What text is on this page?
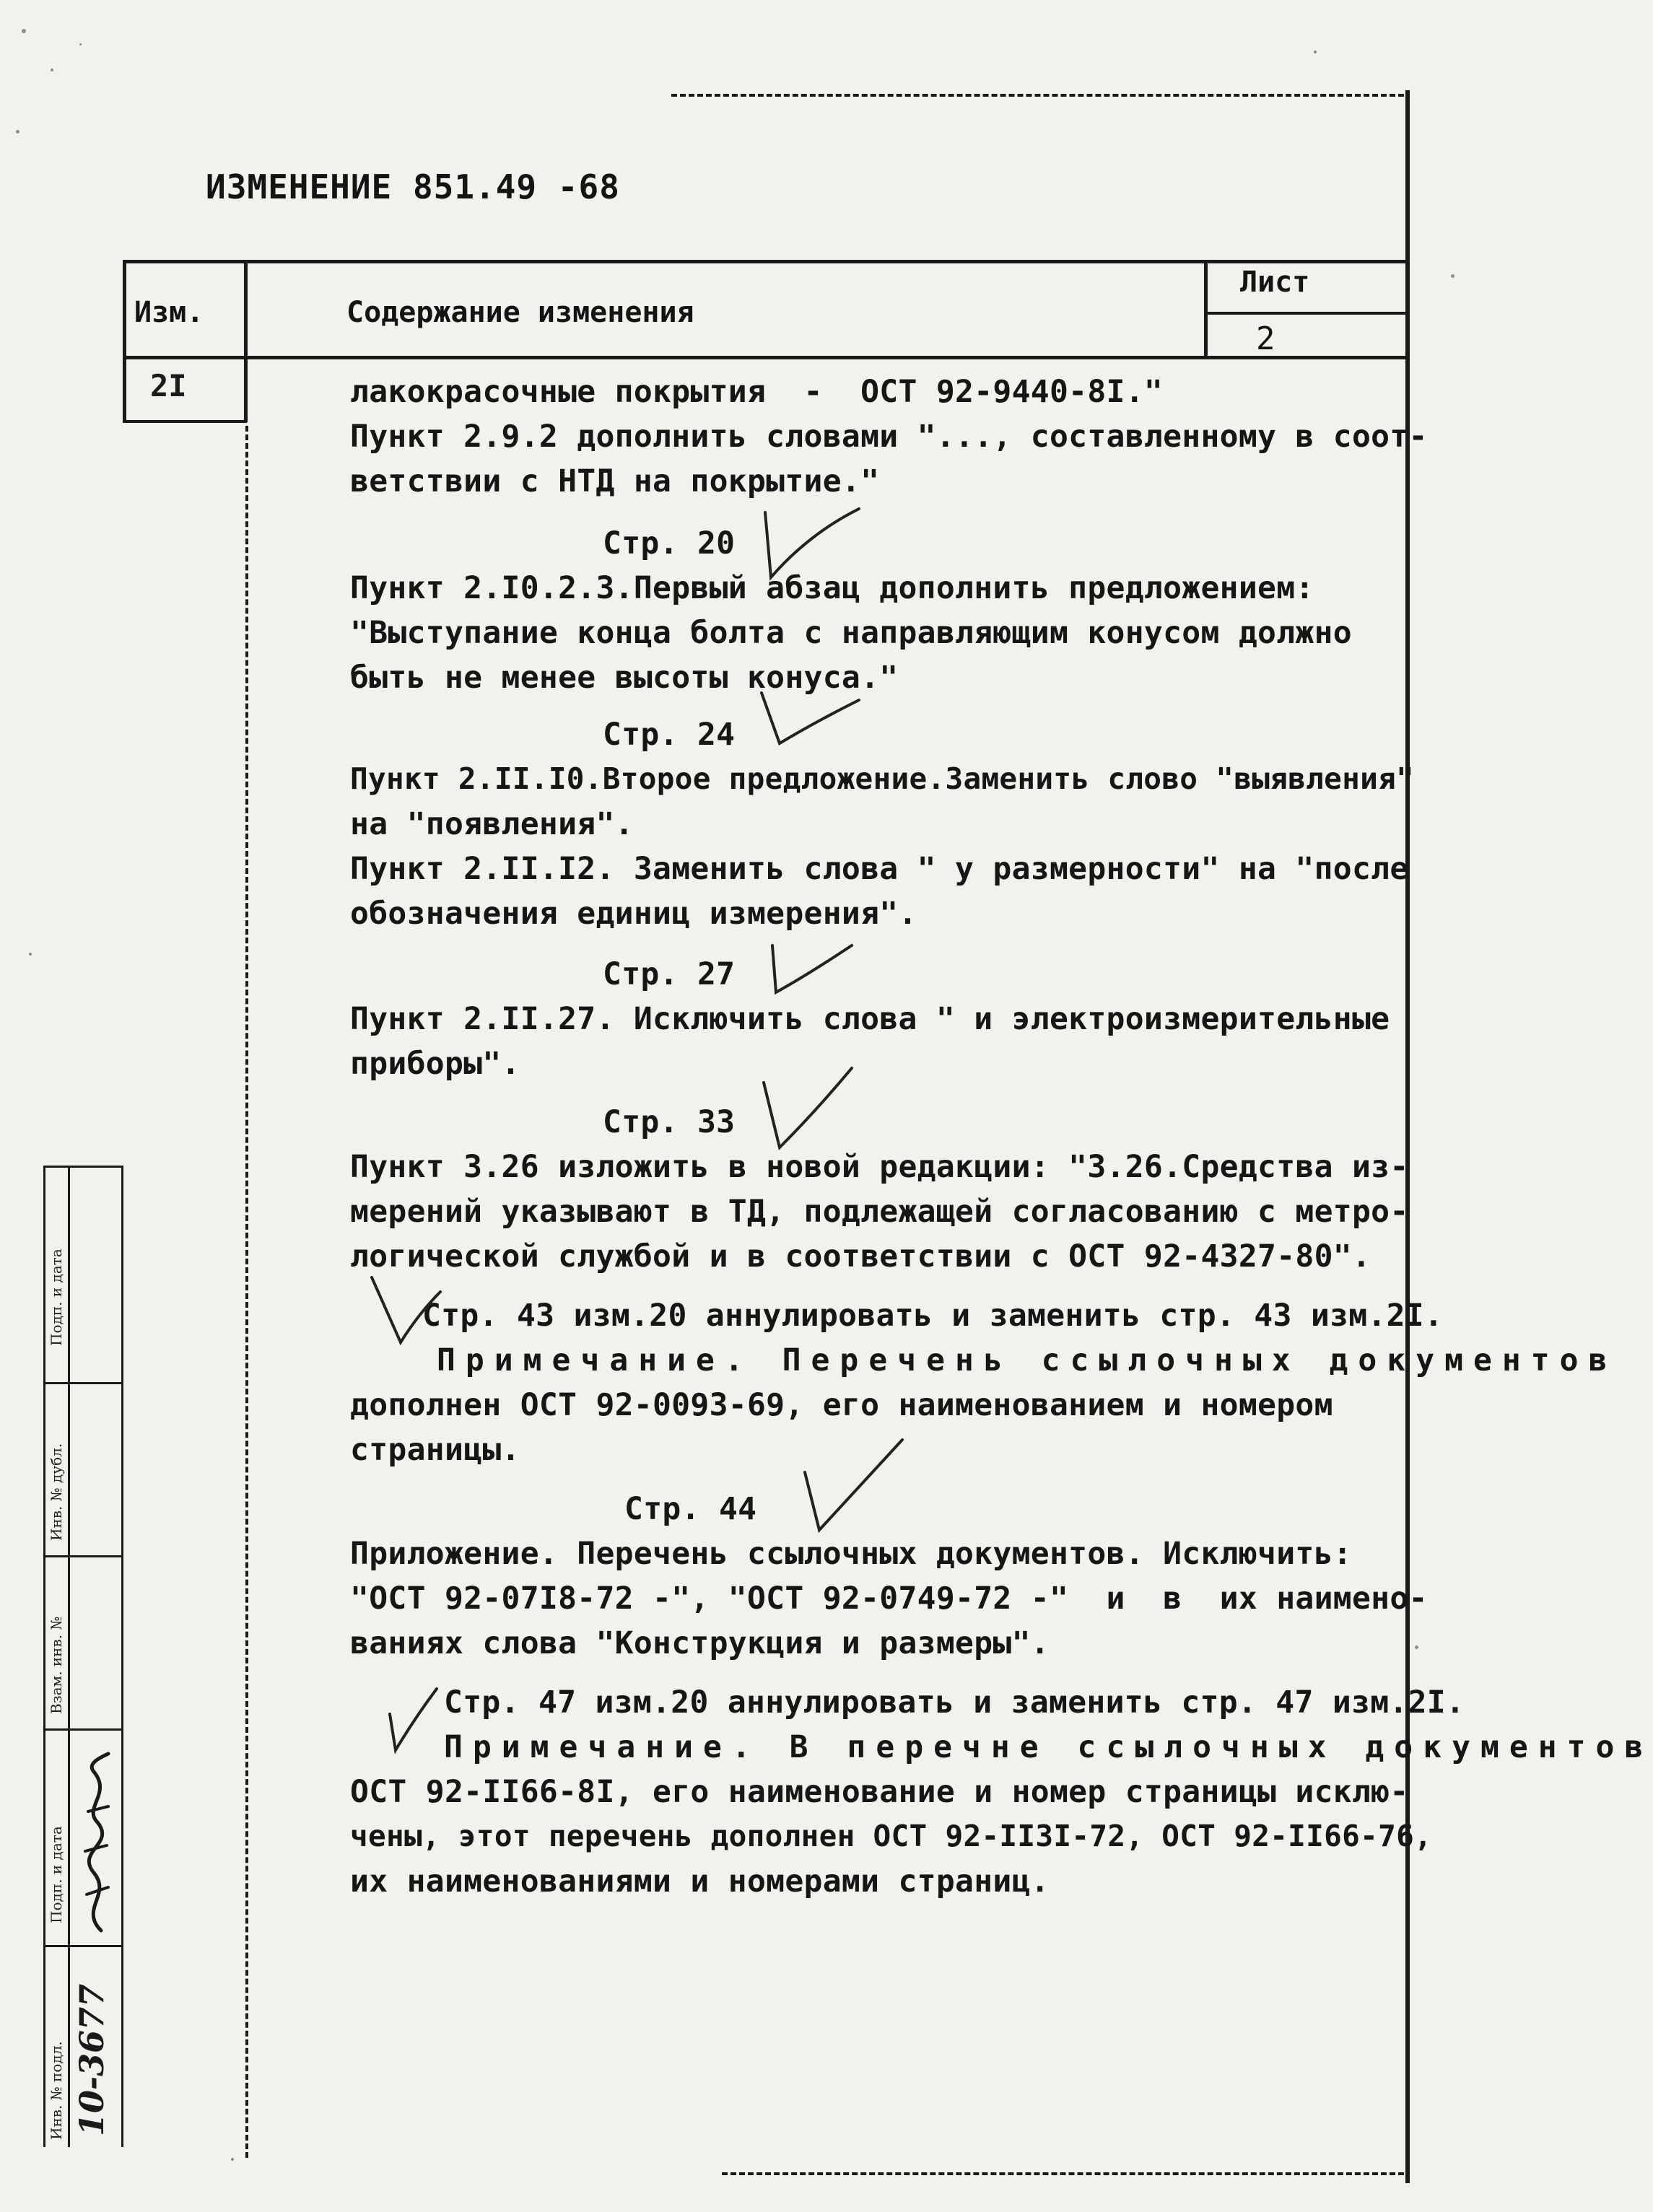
ИЗМЕНЕНИЕ 851.49 -68
Изм.	Содержание изменения
Лист
2
2I	лакокрасочные покрытия  -  ОСТ 92-9440-8I."
Пункт 2.9.2 дополнить словами "..., составленному в соот-
ветствии с НТД на покрытие."
Стр. 20
Пункт 2.I0.2.3.Первый абзац дополнить предложением:
"Выступание конца болта с направляющим конусом должно
быть не менее высоты конуса."
Стр. 24
Пункт 2.II.I0.Второе предложение.Заменить слово "выявления"
на "появления".
Пункт 2.II.I2. Заменить слова " у размерности" на "после
обозначения единиц измерения".
Стр. 27
Пункт 2.II.27. Исключить слова " и электроизмерительные
приборы".
Стр. 33
Пункт 3.26 изложить в новой редакции: "3.26.Средства из-
мерений указывают в ТД, подлежащей согласованию с метро-
логической службой и в соответствии с ОСТ 92-4327-80".
Стр. 43 изм.20 аннулировать и заменить стр. 43 изм.2I.
Примечание. Перечень ссылочных документов
дополнен ОСТ 92-0093-69, его наименованием и номером
страницы.
Стр. 44
Приложение. Перечень ссылочных документов. Исключить:
"ОСТ 92-07I8-72 -", "ОСТ 92-0749-72 -"  и  в  их наимено-
ваниях слова "Конструкция и размеры".
Стр. 47 изм.20 аннулировать и заменить стр. 47 изм.2I.
Примечание. В перечне ссылочных документов
ОСТ 92-II66-8I, его наименование и номер страницы исклю-
чены, этот перечень дополнен ОСТ 92-II3I-72, ОСТ 92-II66-76,
их наименованиями и номерами страниц.
Подп. и дата
Инв. № дубл.
Взам. инв. №
Подп. и дата
Инв. № подл. 10-3677
